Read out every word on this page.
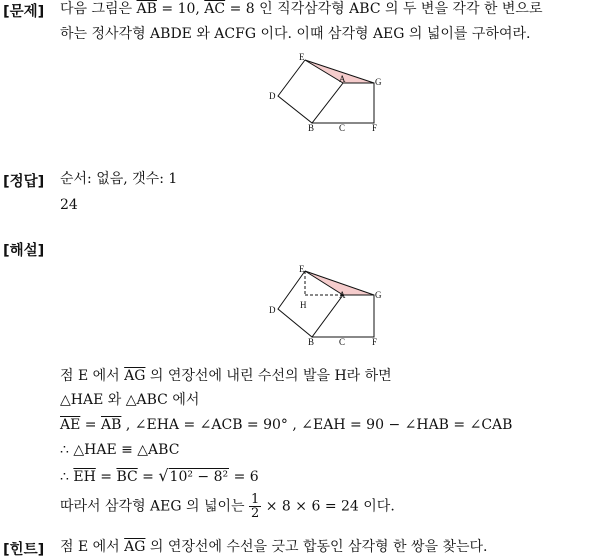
[문제] 다음 그림은 $\overline{AB} = 10$, $\overline{AC} = 8$ 인 직각삼각형 ABC 의 두 변을 각각 한 변으로
하는 정사각형 ABDE 와 ACFG 이다. 이때 삼각형 AEG 의 넓이를 구하여라.
E
A	G
D
B	C	F
[정답] 순서: 없음, 갯수: 1
24
[해설]
E
A	G
H
D
B	C	F
점 E 에서 $\overline{AG}$ 의 연장선에 내린 수선의 발을 H라 하면
△HAE 와 △ABC 에서
$\overline{AE} = \overline{AB}$ , ∠EHA = ∠ACB = 90° , ∠EAH = 90 − ∠HAB = ∠CAB
∴ △HAE ≡ △ABC
∴ $\overline{EH} = \overline{BC} = √10^2 - 8^2 = 6$
따라서 삼각형 AEG 의 넓이는 $\frac{1}{2} \times 8 \times 6 = 24$ 이다.
[힌트] 점 E 에서 $\overline{AG}$ 의 연장선에 수선을 긋고 합동인 삼각형 한 쌍을 찾는다.
